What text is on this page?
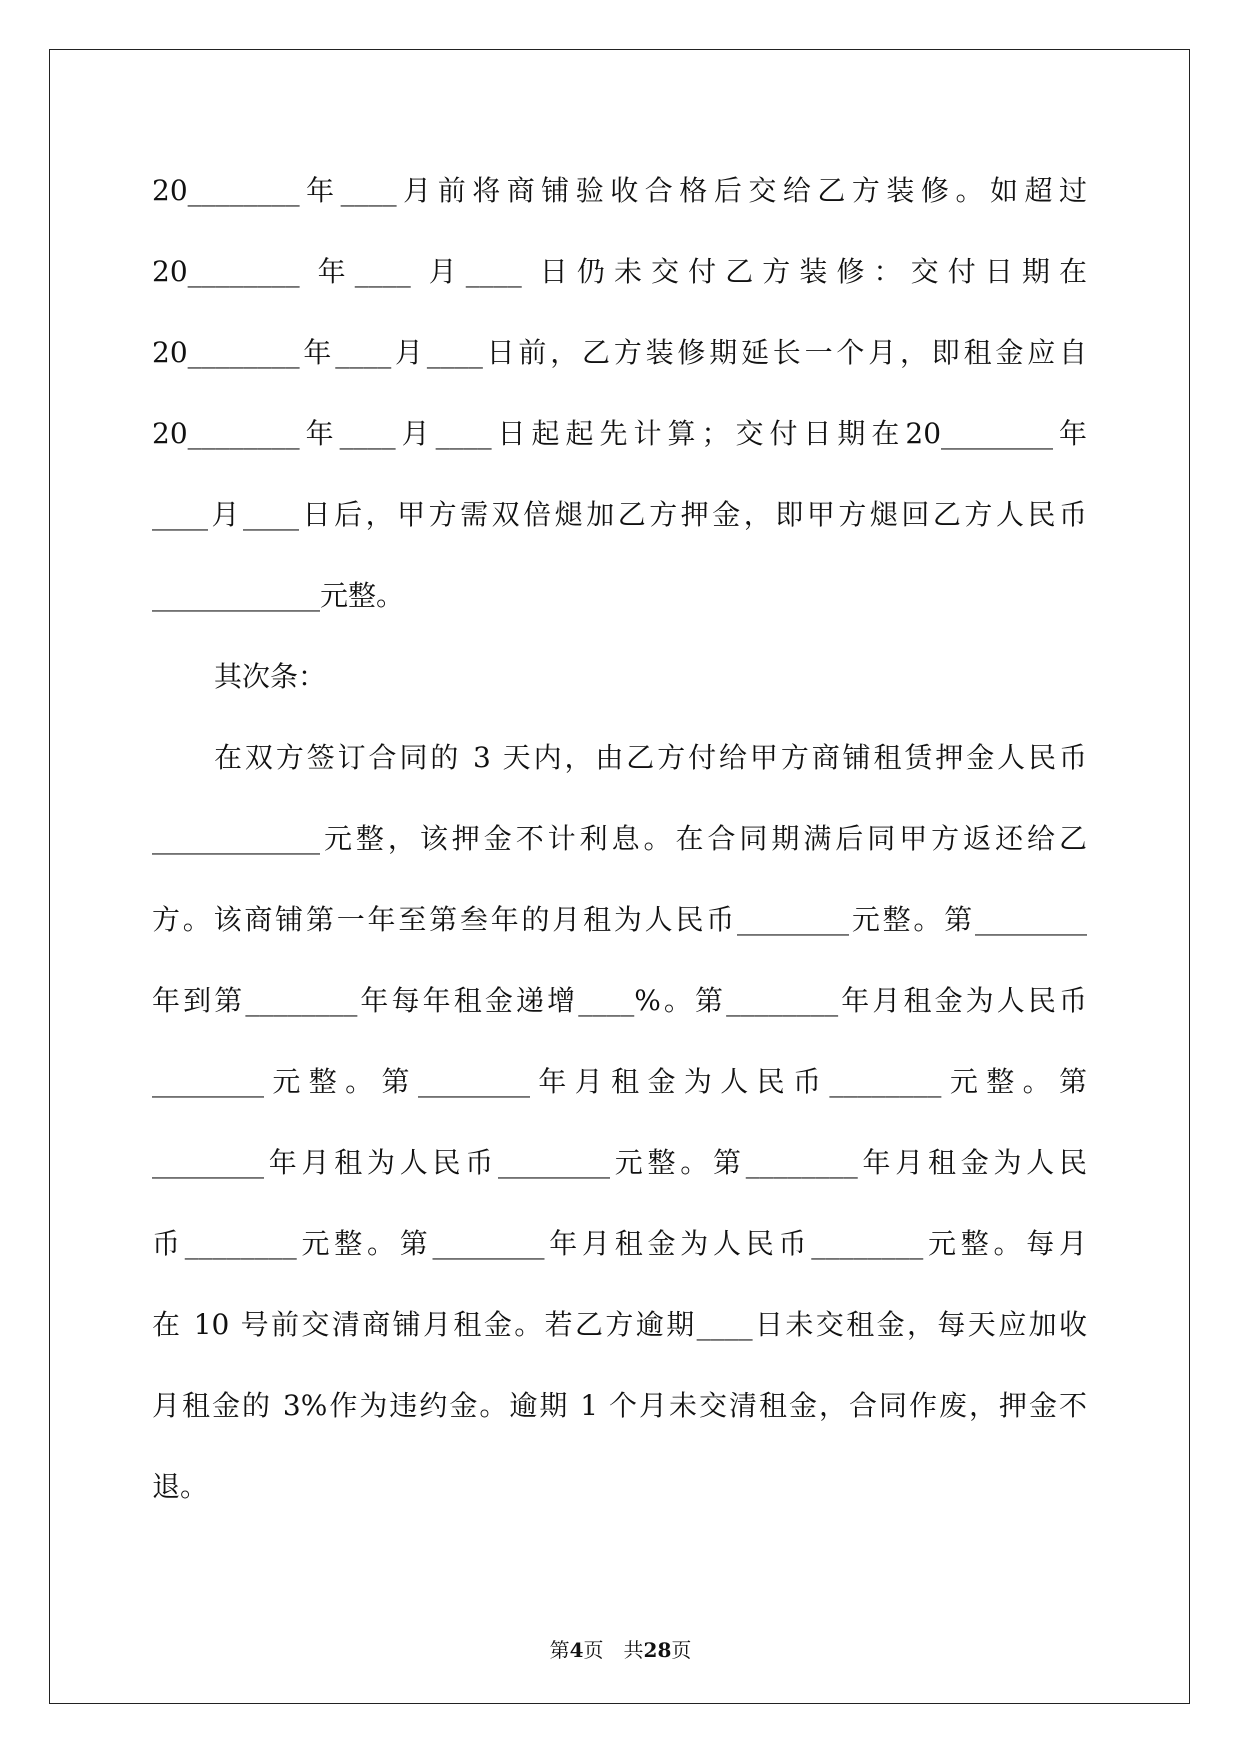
20________年____月前将商铺验收合格后交给乙方装修。如超过
20________ 年____ 月____ 日仍未交付乙方装修：交付日期在
20________年____月____日前，乙方装修期延长一个月，即租金应自
20________年____月____日起起先计算；交付日期在20________年
____月____日后，甲方需双倍煺加乙方押金，即甲方煺回乙方人民币
____________元整。
其次条：
在双方签订合同的 3 天内，由乙方付给甲方商铺租赁押金人民币
____________元整，该押金不计利息。在合同期满后同甲方返还给乙
方。该商铺第一年至第叁年的月租为人民币________元整。第________
年到第________年每年租金递增____%。第________年月租金为人民币
________元整。第________年月租金为人民币________元整。第
________年月租为人民币________元整。第________年月租金为人民
币________元整。第________年月租金为人民币________元整。每月
在 10 号前交清商铺月租金。若乙方逾期____日未交租金，每天应加收
月租金的 3%作为违约金。逾期 1 个月未交清租金，合同作废，押金不
退。
第4页 共28页
